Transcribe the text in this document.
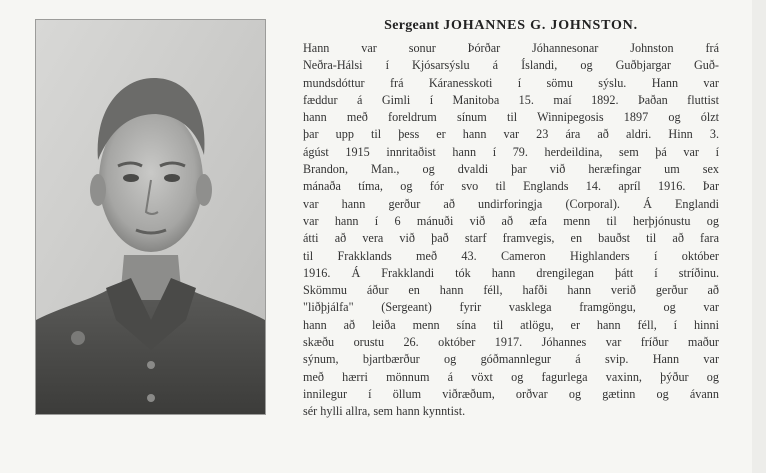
Sergeant JOHANNES G. JOHNSTON.
Hann var sonur Þórðar Jóhannesonar Johnston frá
Neðra-Hálsi í Kjósarsýslu á Íslandi, og Guðbjargar Guð-
mundsdóttur frá Káranesskoti í sömu sýslu. Hann var
fæddur á Gimli í Manitoba 15. maí 1892. Þaðan fluttist
hann með foreldrum sínum til Winnipegosis 1897 og ólzt
þar upp til þess er hann var 23 ára að aldri. Hinn 3.
ágúst 1915 innritaðist hann í 79. herdeildina, sem þá var í
Brandon, Man., og dvaldi þar við heræfingar um sex
mánaða tíma, og fór svo til Englands 14. apríl 1916. Þar
var hann gerður að undirforingja (Corporal). Á Englandi
var hann í 6 mánuði við að æfa menn til herþjónustu og
átti að vera við það starf framvegis, en bauðst til að fara
til Frakklands með 43. Cameron Highlanders í október
1916. Á Frakklandi tók hann drengilegan þátt í stríðinu.
Skömmu áður en hann féll, hafði hann verið gerður að
"liðþjálfa" (Sergeant) fyrir vasklega framgöngu, og var
hann að leiða menn sína til atlögu, er hann féll, í hinni
skæðu orustu 26. október 1917. Jóhannes var fríður maður
sýnum, bjartbærður og góðmannlegur á svip. Hann var
með hærri mönnum á vöxt og fagurlega vaxinn, þýður og
innilegur í öllum viðræðum, orðvar og gætinn og ávann
sér hylli allra, sem hann kynntist.
